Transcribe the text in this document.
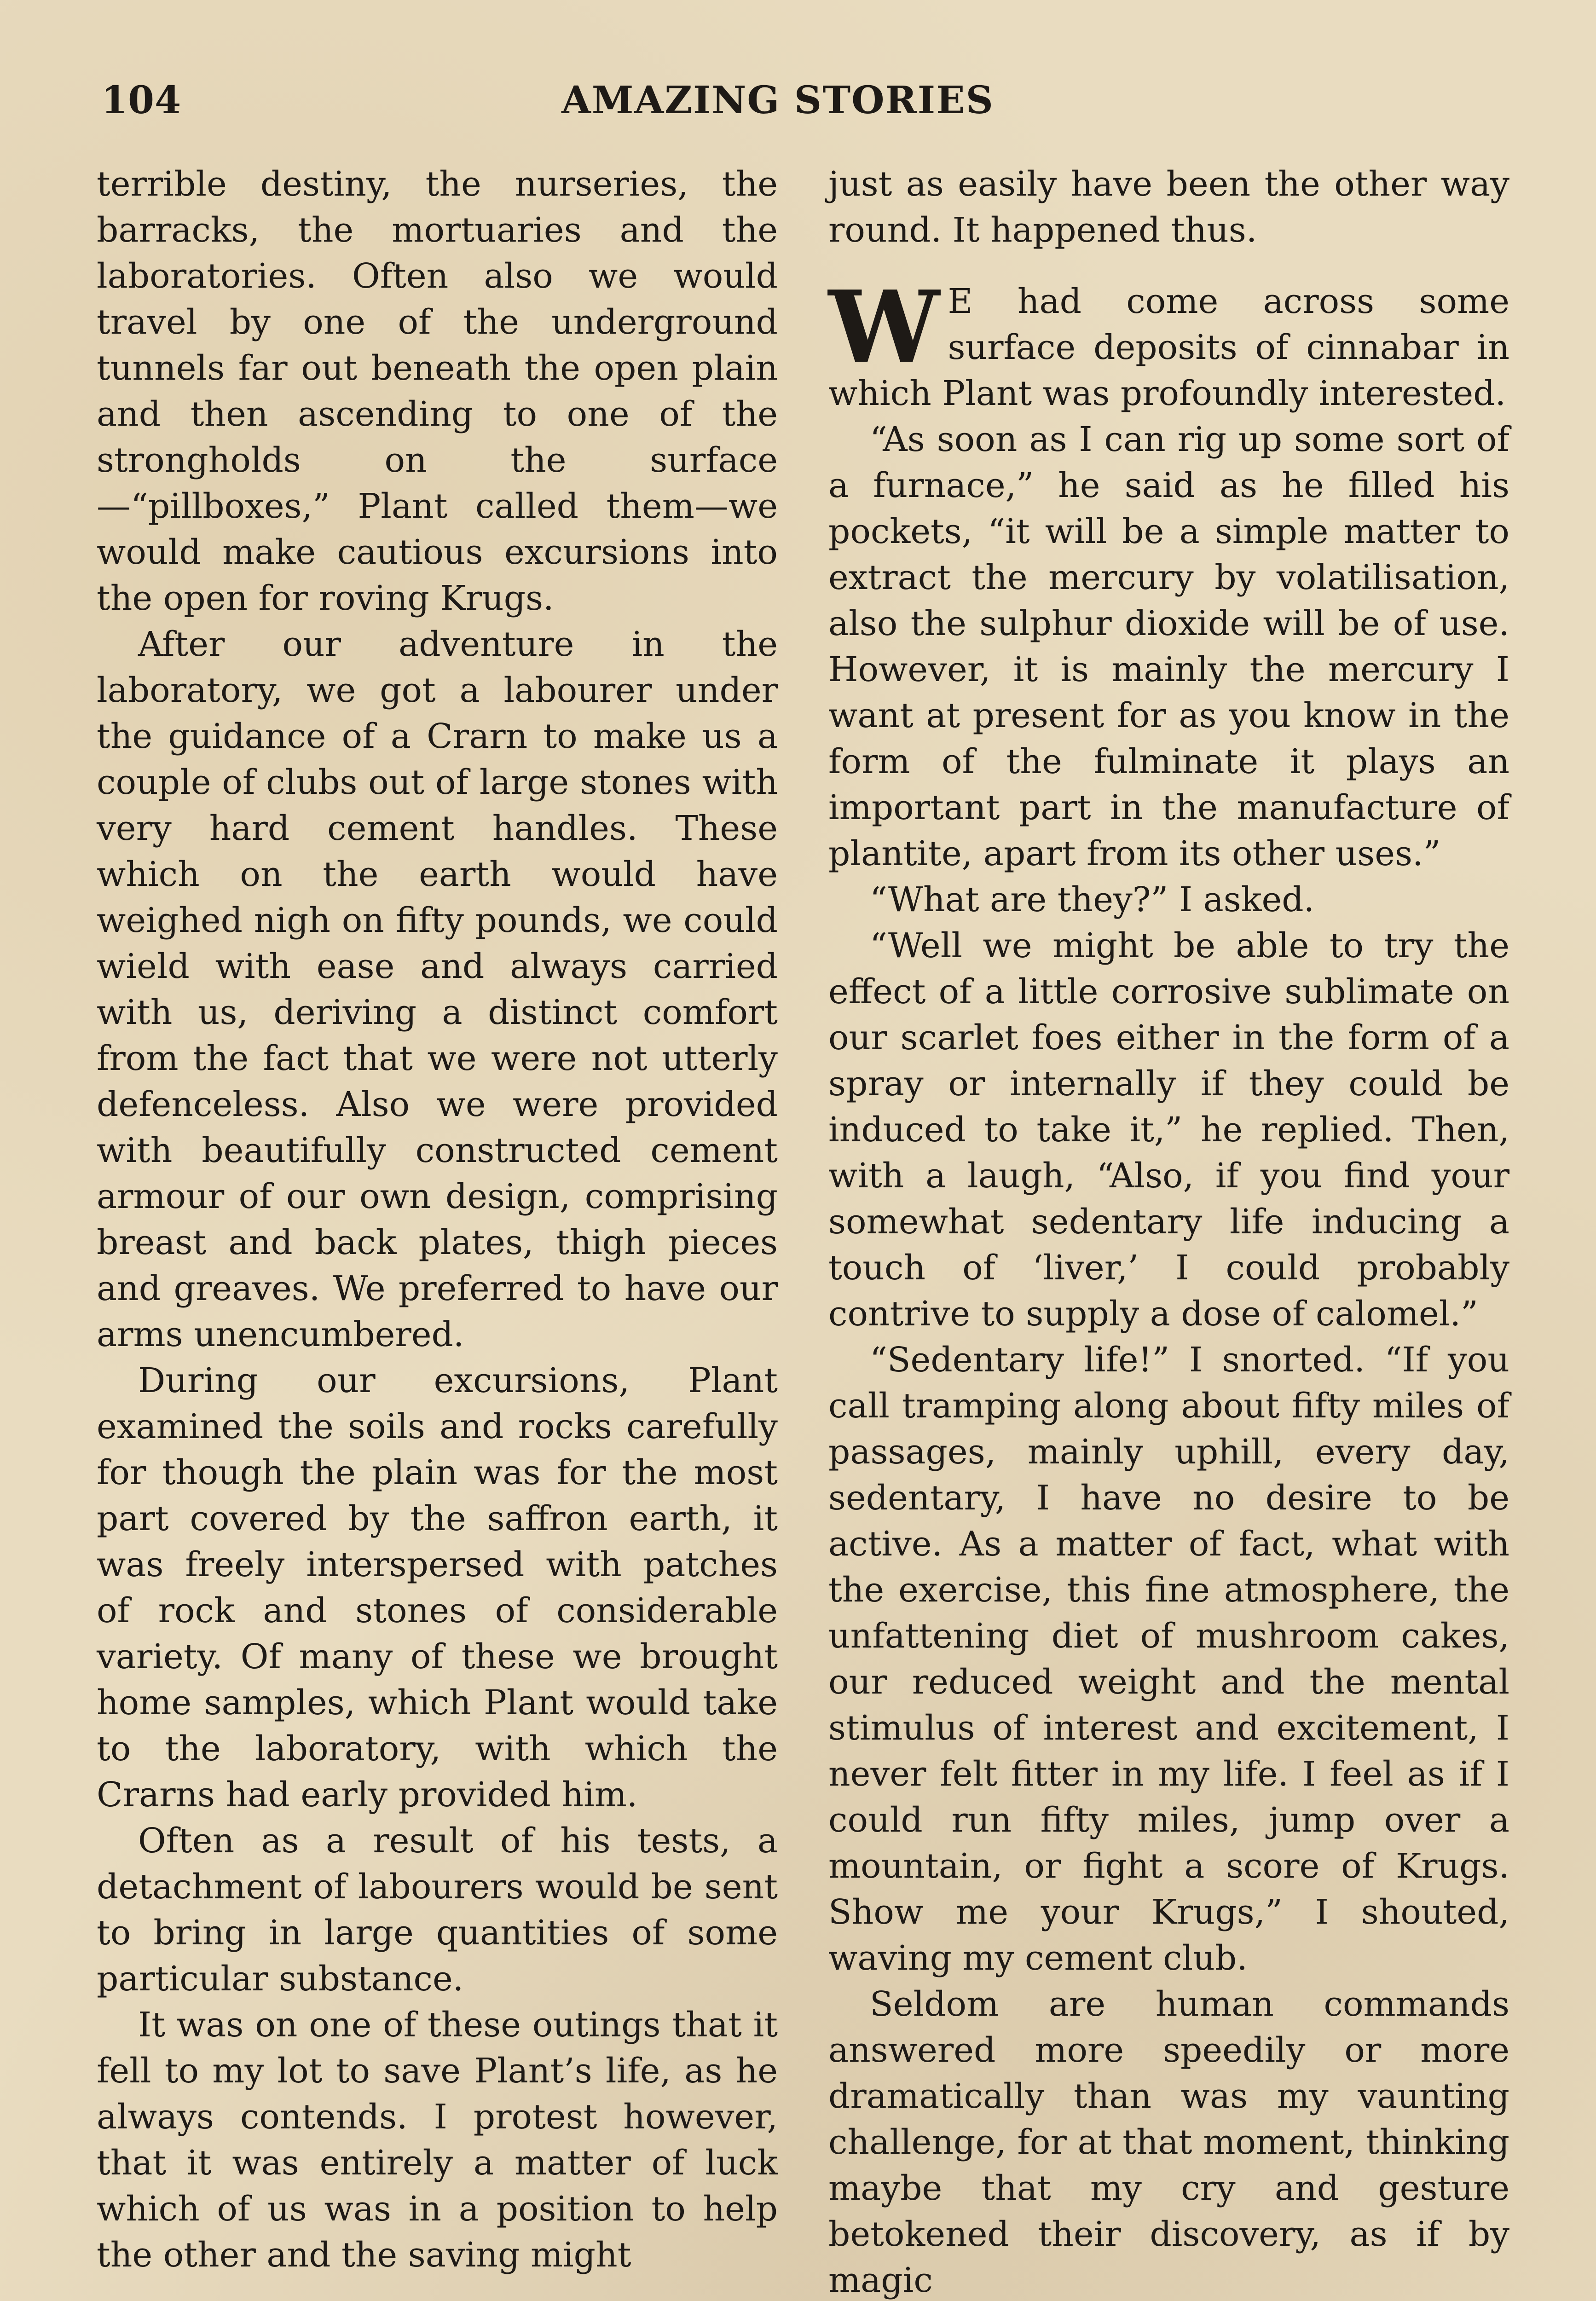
104	AMAZING STORIES

terrible destiny, the nurseries, the barracks, the mortuaries and the laboratories. Often also we would travel by one of the underground tunnels far out beneath the open plain and then ascending to one of the strongholds on the surface—“pillboxes,” Plant called them—we would make cautious excursions into the open for roving Krugs.

After our adventure in the laboratory, we got a labourer under the guidance of a Crarn to make us a couple of clubs out of large stones with very hard cement handles. These which on the earth would have weighed nigh on fifty pounds, we could wield with ease and always carried with us, deriving a distinct comfort from the fact that we were not utterly defenceless. Also we were provided with beautifully constructed cement armour of our own design, comprising breast and back plates, thigh pieces and greaves. We preferred to have our arms unencumbered.

During our excursions, Plant examined the soils and rocks carefully for though the plain was for the most part covered by the saffron earth, it was freely interspersed with patches of rock and stones of considerable variety. Of many of these we brought home samples, which Plant would take to the laboratory, with which the Crarns had early provided him.

Often as a result of his tests, a detachment of labourers would be sent to bring in large quantities of some particular substance.

It was on one of these outings that it fell to my lot to save Plant’s life, as he always contends. I protest however, that it was entirely a matter of luck which of us was in a position to help the other and the saving might

just as easily have been the other way round. It happened thus.

W E had come across some surface deposits of cinnabar in which Plant was profoundly interested.

“As soon as I can rig up some sort of a furnace,” he said as he filled his pockets, “it will be a simple matter to extract the mercury by volatilisation, also the sulphur dioxide will be of use. However, it is mainly the mercury I want at present for as you know in the form of the fulminate it plays an important part in the manufacture of plantite, apart from its other uses.”

“What are they?” I asked.

“Well we might be able to try the effect of a little corrosive sublimate on our scarlet foes either in the form of a spray or internally if they could be induced to take it,” he replied. Then, with a laugh, “Also, if you find your somewhat sedentary life inducing a touch of ‘liver,’ I could probably contrive to supply a dose of calomel.”

“Sedentary life!” I snorted. “If you call tramping along about fifty miles of passages, mainly uphill, every day, sedentary, I have no desire to be active. As a matter of fact, what with the exercise, this fine atmosphere, the unfattening diet of mushroom cakes, our reduced weight and the mental stimulus of interest and excitement, I never felt fitter in my life. I feel as if I could run fifty miles, jump over a mountain, or fight a score of Krugs. Show me your Krugs,” I shouted, waving my cement club.

Seldom are human commands answered more speedily or more dramatically than was my vaunting challenge, for at that moment, thinking maybe that my cry and gesture betokened their discovery, as if by magic
